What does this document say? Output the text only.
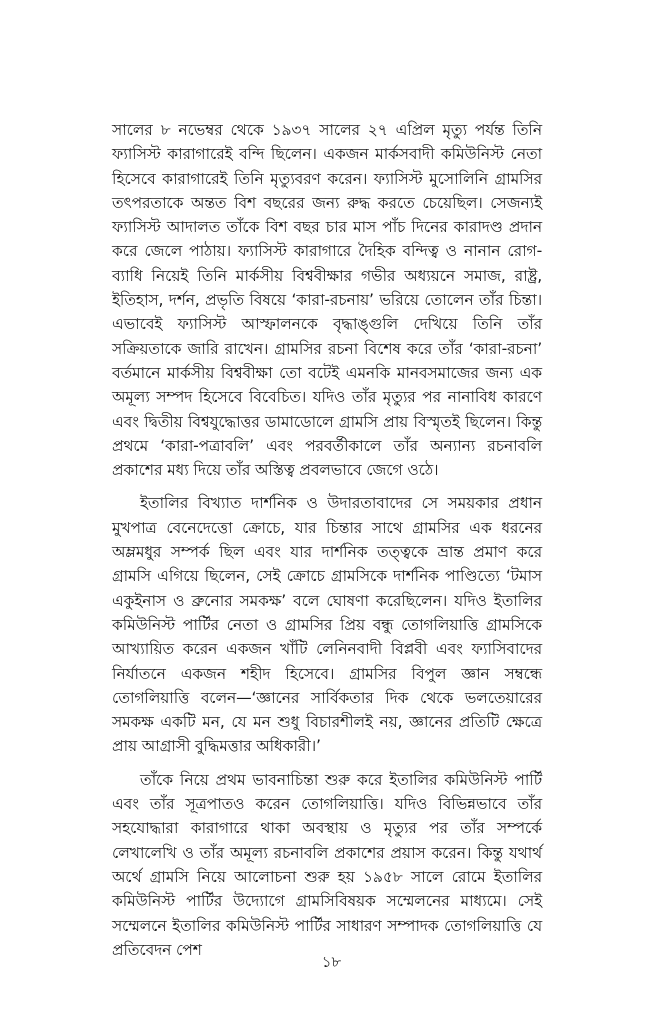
সালের ৮ নভেম্বর থেকে ১৯৩৭ সালের ২৭ এপ্রিল মৃত্যু পর্যন্ত তিনি ফ্যাসিস্ট কারাগারেই বন্দি ছিলেন। একজন মার্কসবাদী কমিউনিস্ট নেতা হিসেবে কারাগারেই তিনি মৃত্যুবরণ করেন। ফ্যাসিস্ট মুসোলিনি গ্রামসির তৎপরতাকে অন্তত বিশ বছরের জন্য রুদ্ধ করতে চেয়েছিল। সেজন্যই ফ্যাসিস্ট আদালত তাঁকে বিশ বছর চার মাস পাঁচ দিনের কারাদণ্ড প্রদান করে জেলে পাঠায়। ফ্যাসিস্ট কারাগারে দৈহিক বন্দিত্ব ও নানান রোগ-ব্যাধি নিয়েই তিনি মার্কসীয় বিশ্ববীক্ষার গভীর অধ্যয়নে সমাজ, রাষ্ট্র, ইতিহাস, দর্শন, প্রভৃতি বিষয়ে ‘কারা-রচনায়’ ভরিয়ে তোলেন তাঁর চিন্তা। এভাবেই ফ্যাসিস্ট আস্ফালনকে বৃদ্ধাঙ্গুলি দেখিয়ে তিনি তাঁর সক্রিয়তাকে জারি রাখেন। গ্রামসির রচনা বিশেষ করে তাঁর ‘কারা-রচনা’ বর্তমানে মার্কসীয় বিশ্ববীক্ষা তো বটেই এমনকি মানবসমাজের জন্য এক অমূল্য সম্পদ হিসেবে বিবেচিত। যদিও তাঁর মৃত্যুর পর নানাবিধ কারণে এবং দ্বিতীয় বিশ্বযুদ্ধোত্তর ডামাডোলে গ্রামসি প্রায় বিস্মৃতই ছিলেন। কিন্তু প্রথমে ‘কারা-পত্রাবলি’ এবং পরবর্তীকালে তাঁর অন্যান্য রচনাবলি প্রকাশের মধ্য দিয়ে তাঁর অস্তিত্ব প্রবলভাবে জেগে ওঠে।

ইতালির বিখ্যাত দার্শনিক ও উদারতাবাদের সে সময়কার প্রধান মুখপাত্র বেনেদেত্তো ক্রোচে, যার চিন্তার সাথে গ্রামসির এক ধরনের অম্লমধুর সম্পর্ক ছিল এবং যার দার্শনিক তত্ত্বকে ভ্রান্ত প্রমাণ করে গ্রামসি এগিয়ে ছিলেন, সেই ক্রোচে গ্রামসিকে দার্শনিক পাণ্ডিত্যে ‘টমাস একুইনাস ও ব্রুনোর সমকক্ষ’ বলে ঘোষণা করেছিলেন। যদিও ইতালির কমিউনিস্ট পার্টির নেতা ও গ্রামসির প্রিয় বন্ধু তোগলিয়াত্তি গ্রামসিকে আখ্যায়িত করেন একজন খাঁটি লেনিনবাদী বিপ্লবী এবং ফ্যাসিবাদের নির্যাতনে একজন শহীদ হিসেবে। গ্রামসির বিপুল জ্ঞান সম্বন্ধে তোগলিয়াত্তি বলেন—‘জ্ঞানের সার্বিকতার দিক থেকে ভলতেয়ারের সমকক্ষ একটি মন, যে মন শুধু বিচারশীলই নয়, জ্ঞানের প্রতিটি ক্ষেত্রে প্রায় আগ্রাসী বুদ্ধিমত্তার অধিকারী।’

তাঁকে নিয়ে প্রথম ভাবনাচিন্তা শুরু করে ইতালির কমিউনিস্ট পার্টি এবং তাঁর সূত্রপাতও করেন তোগলিয়াত্তি। যদিও বিভিন্নভাবে তাঁর সহযোদ্ধারা কারাগারে থাকা অবস্থায় ও মৃত্যুর পর তাঁর সম্পর্কে লেখালেখি ও তাঁর অমূল্য রচনাবলি প্রকাশের প্রয়াস করেন। কিন্তু যথার্থ অর্থে গ্রামসি নিয়ে আলোচনা শুরু হয় ১৯৫৮ সালে রোমে ইতালির কমিউনিস্ট পার্টির উদ্যোগে গ্রামসিবিষয়ক সম্মেলনের মাধ্যমে। সেই সম্মেলনে ইতালির কমিউনিস্ট পার্টির সাধারণ সম্পাদক তোগলিয়াত্তি যে প্রতিবেদন পেশ

১৮
